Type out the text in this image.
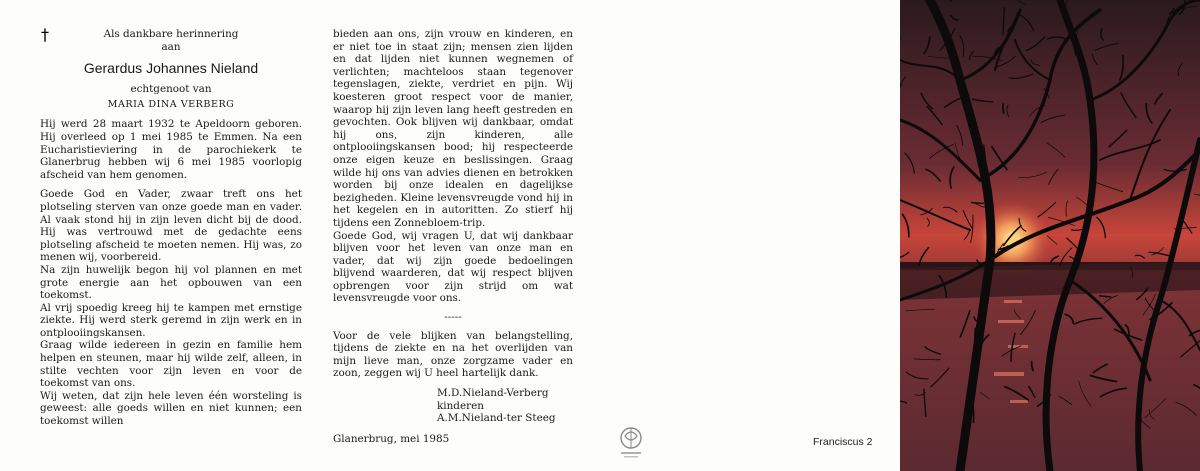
†	Als dankbare herinnering
aan
Gerardus Johannes Nieland
echtgenoot van
MARIA DINA VERBERG
Hij werd 28 maart 1932 te Apeldoorn geboren. Hij overleed op 1 mei 1985 te Emmen. Na een Eucharistieviering in de parochiekerk te Glanerbrug hebben wij 6 mei 1985 voorlopig afscheid van hem genomen.
Goede God en Vader, zwaar treft ons het plotseling sterven van onze goede man en vader. Al vaak stond hij in zijn leven dicht bij de dood. Hij was vertrouwd met de gedachte eens plotseling afscheid te moeten nemen. Hij was, zo menen wij, voorbereid.
Na zijn huwelijk begon hij vol plannen en met grote energie aan het opbouwen van een toekomst.
Al vrij spoedig kreeg hij te kampen met ernstige ziekte. Hij werd sterk geremd in zijn werk en in ontplooiingskansen.
Graag wilde iedereen in gezin en familie hem helpen en steunen, maar hij wilde zelf, alleen, in stilte vechten voor zijn leven en voor de toekomst van ons.
Wij weten, dat zijn hele leven één worsteling is geweest: alle goeds willen en niet kunnen; een toekomst willen
bieden aan ons, zijn vrouw en kinderen, en er niet toe in staat zijn; mensen zien lijden en dat lijden niet kunnen wegnemen of verlichten; machteloos staan tegenover tegenslagen, ziekte, verdriet en pijn. Wij koesteren groot respect voor de manier, waarop hij zijn leven lang heeft gestreden en gevochten. Ook blijven wij dankbaar, omdat hij ons, zijn kinderen, alle ontplooiingskansen bood; hij respecteerde onze eigen keuze en beslissingen. Graag wilde hij ons van advies dienen en betrokken worden bij onze idealen en dagelijkse bezigheden. Kleine levensvreugde vond hij in het kegelen en in autoritten. Zo stierf hij tijdens een Zonnebloem-trip.
Goede God, wij vragen U, dat wij dankbaar blijven voor het leven van onze man en vader, dat wij zijn goede bedoelingen blijvend waarderen, dat wij respect blijven opbrengen voor zijn strijd om wat levensvreugde voor ons.
-----
Voor de vele blijken van belangstelling, tijdens de ziekte en na het overlijden van mijn lieve man, onze zorgzame vader en zoon, zeggen wij U heel hartelijk dank.
M.D.Nieland-Verberg
kinderen
A.M.Nieland-ter Steeg
Glanerbrug, mei 1985	Franciscus 2
